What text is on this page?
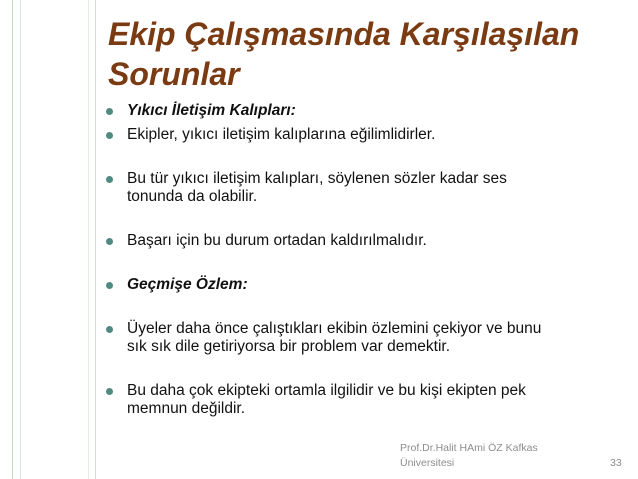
Ekip Çalışmasında Karşılaşılan
Sorunlar
Yıkıcı İletişim Kalıpları:
Ekipler, yıkıcı iletişim kalıplarına eğilimlidirler.
Bu tür yıkıcı iletişim kalıpları, söylenen sözler kadar ses
tonunda da olabilir.
Başarı için bu durum ortadan kaldırılmalıdır.
Geçmişe Özlem:
Üyeler daha önce çalıştıkları ekibin özlemini çekiyor ve bunu
sık sık dile getiriyorsa bir problem var demektir.
Bu daha çok ekipteki ortamla ilgilidir ve bu kişi ekipten pek
memnun değildir.
Prof.Dr.Halit HAmi ÖZ Kafkas
Üniversitesi	33
